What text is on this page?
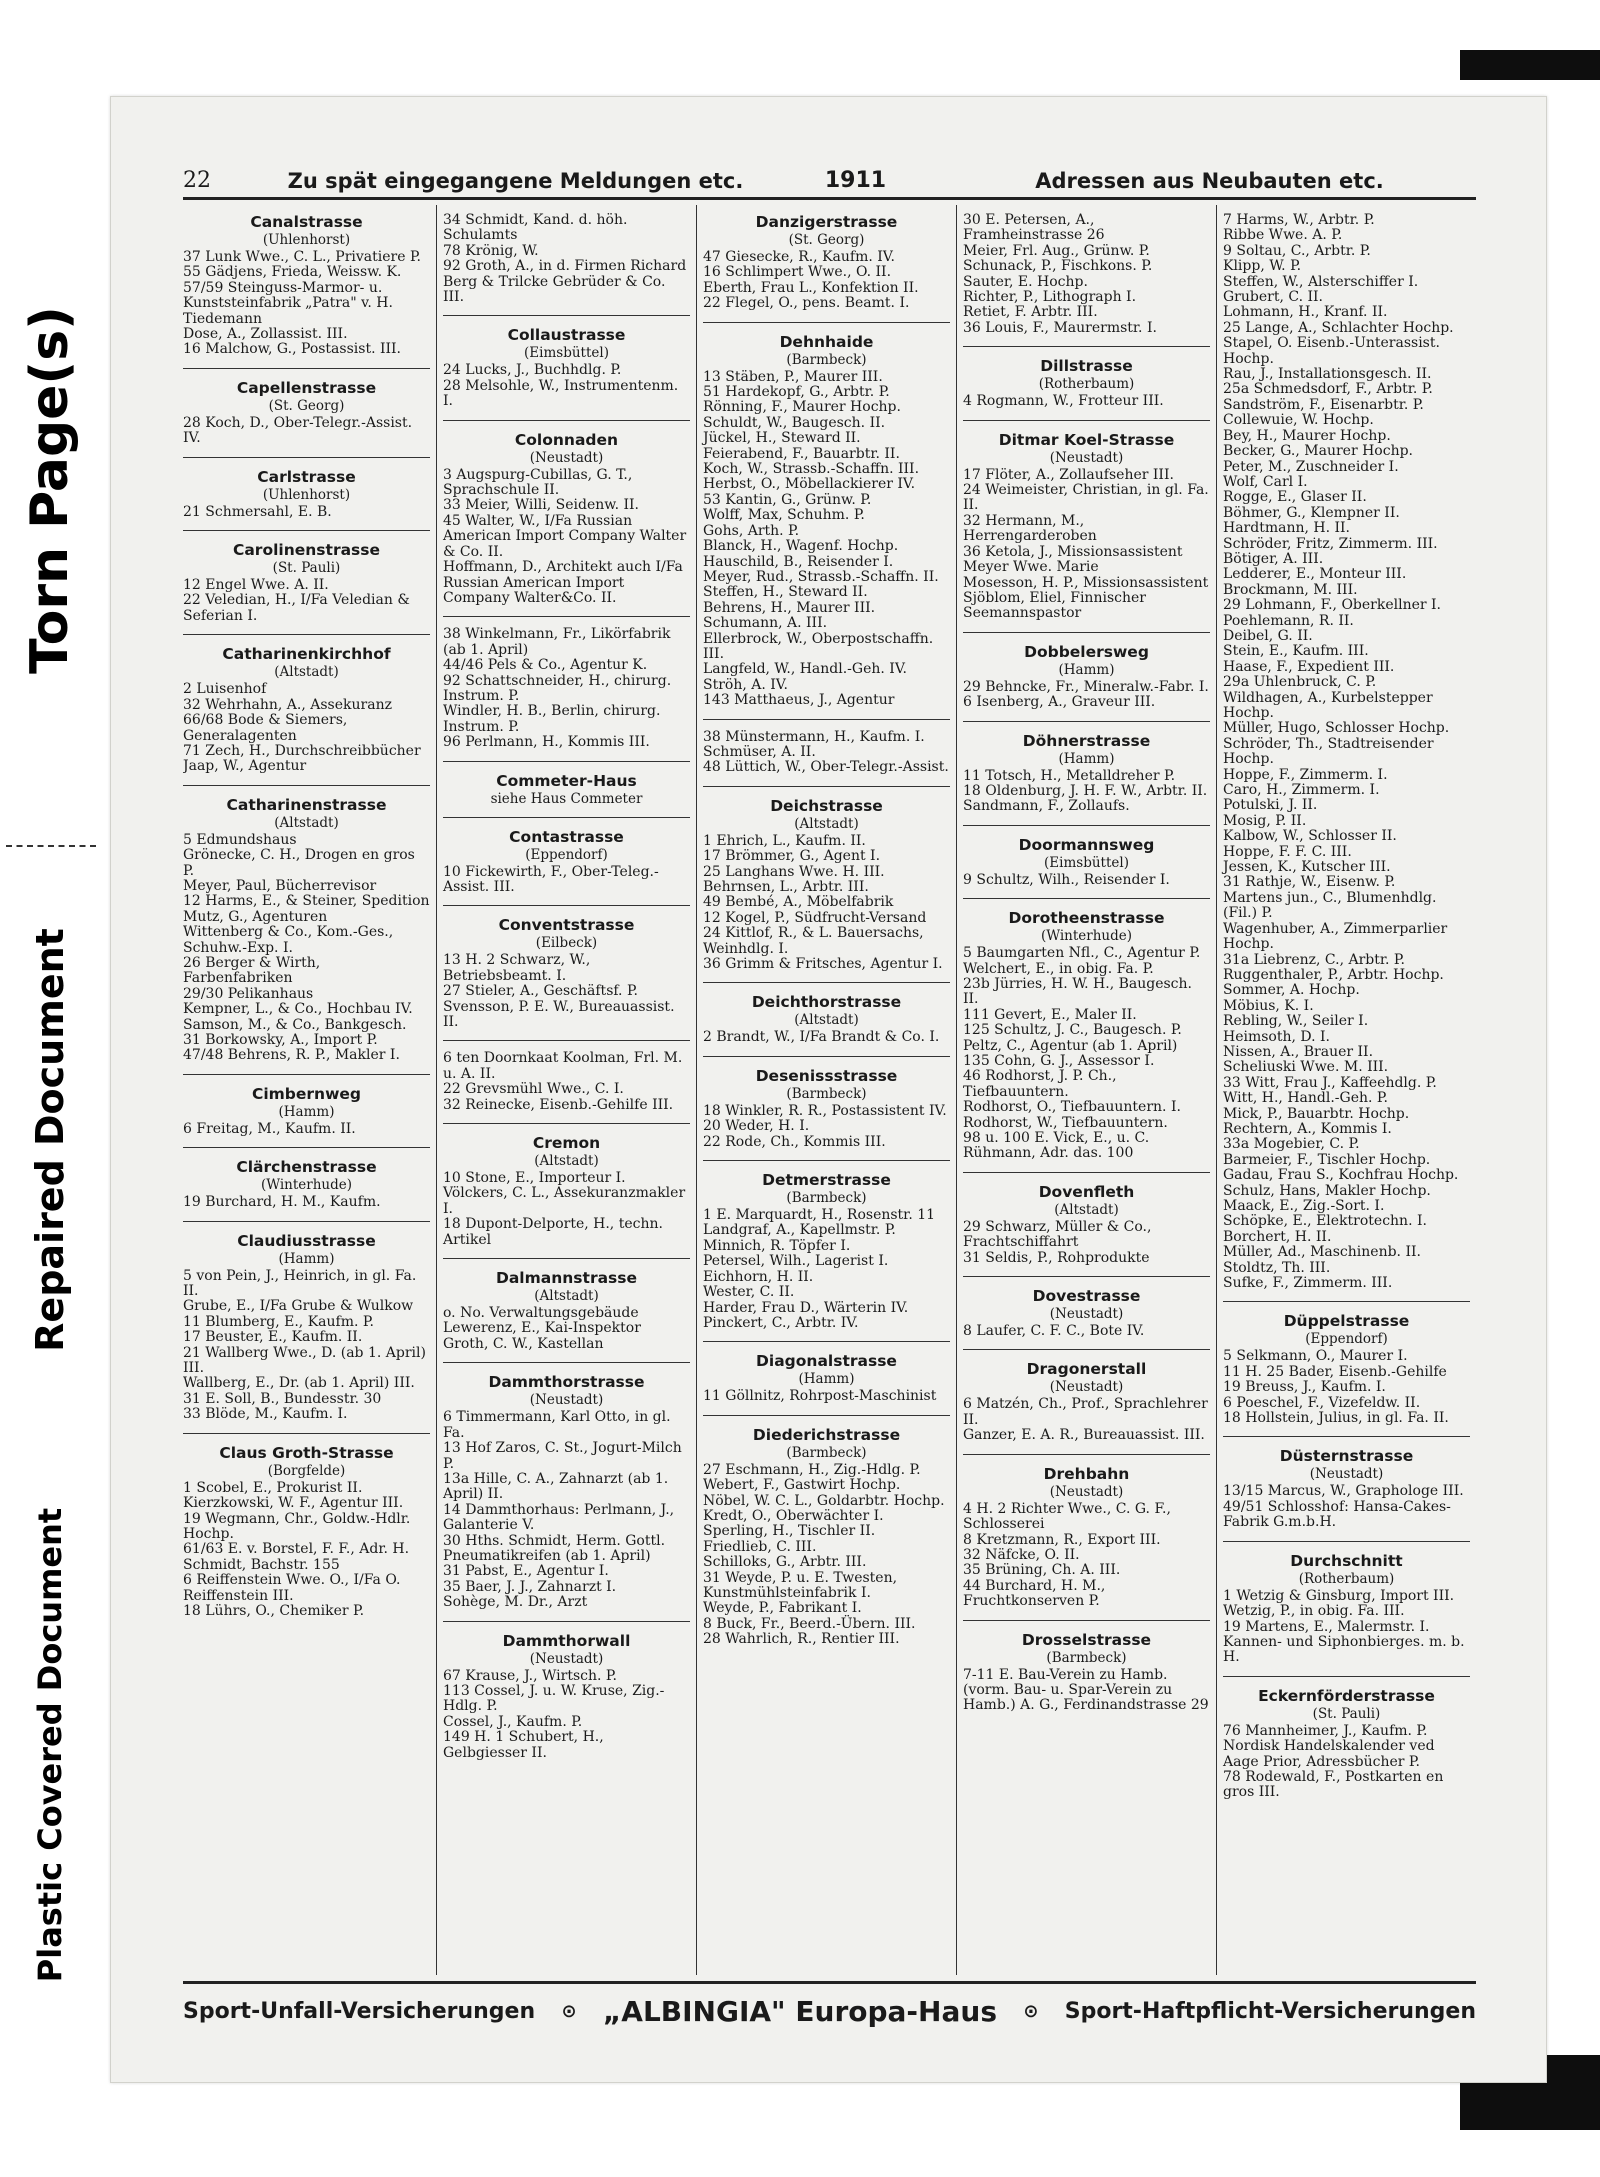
Torn Page(s)
Repaired Document
Plastic Covered Document
22	Zu spät eingegangene Meldungen etc.	1911	Adressen aus Neubauten etc.
Canalstrasse
(Uhlenhorst)
37 Lunk Wwe., C. L., Privatiere P.
55 Gädjens, Frieda, Weissw. K.
57/59 Steinguss-Marmor- u. Kunststeinfabrik „Patra" v. H. Tiedemann
Dose, A., Zollassist. III.
16 Malchow, G., Postassist. III.
Capellenstrasse
(St. Georg)
28 Koch, D., Ober-Telegr.-Assist. IV.
Carlstrasse
(Uhlenhorst)
21 Schmersahl, E. B.
Carolinenstrasse
(St. Pauli)
12 Engel Wwe. A. II.
22 Veledian, H., I/Fa Veledian & Seferian I.
Catharinenkirchhof
(Altstadt)
2 Luisenhof
32 Wehrhahn, A., Assekuranz
66/68 Bode & Siemers, Generalagenten
71 Zech, H., Durchschreibbücher
Jaap, W., Agentur
Catharinenstrasse
(Altstadt)
5 Edmundshaus
Grönecke, C. H., Drogen en gros P.
Meyer, Paul, Bücherrevisor
12 Harms, E., & Steiner, Spedition
Mutz, G., Agenturen
Wittenberg & Co., Kom.-Ges., Schuhw.-Exp. I.
26 Berger & Wirth, Farbenfabriken
29/30 Pelikanhaus
Kempner, L., & Co., Hochbau IV.
Samson, M., & Co., Bankgesch.
31 Borkowsky, A., Import P.
47/48 Behrens, R. P., Makler I.
Cimbernweg
(Hamm)
6 Freitag, M., Kaufm. II.
Clärchenstrasse
(Winterhude)
19 Burchard, H. M., Kaufm.
Claudiusstrasse
(Hamm)
5 von Pein, J., Heinrich, in gl. Fa. II.
Grube, E., I/Fa Grube & Wulkow
11 Blumberg, E., Kaufm. P.
17 Beuster, E., Kaufm. II.
21 Wallberg Wwe., D. (ab 1. April) III.
Wallberg, E., Dr. (ab 1. April) III.
31 E. Soll, B., Bundesstr. 30
33 Blöde, M., Kaufm. I.
Claus Groth-Strasse
(Borgfelde)
1 Scobel, E., Prokurist II.
Kierzkowski, W. F., Agentur III.
19 Wegmann, Chr., Goldw.-Hdlr. Hochp.
61/63 E. v. Borstel, F. F., Adr. H. Schmidt, Bachstr. 155
6 Reiffenstein Wwe. O., I/Fa O. Reiffenstein III.
18 Lührs, O., Chemiker P.
34 Schmidt, Kand. d. höh. Schulamts
78 Krönig, W.
92 Groth, A., in d. Firmen Richard Berg & Trilcke Gebrüder & Co. III.
Collaustrasse
(Eimsbüttel)
24 Lucks, J., Buchhdlg. P.
28 Melsohle, W., Instrumentenm. I.
Colonnaden
(Neustadt)
3 Augspurg-Cubillas, G. T., Sprachschule II.
33 Meier, Willi, Seidenw. II.
45 Walter, W., I/Fa Russian American Import Company Walter & Co. II.
Hoffmann, D., Architekt auch I/Fa Russian American Import Company Walter&Co. II.
38 Winkelmann, Fr., Likörfabrik (ab 1. April)
44/46 Pels & Co., Agentur K.
92 Schattschneider, H., chirurg. Instrum. P.
Windler, H. B., Berlin, chirurg. Instrum. P.
96 Perlmann, H., Kommis III.
Commeter-Haus
siehe Haus Commeter
Contastrasse
(Eppendorf)
10 Fickewirth, F., Ober-Teleg.-Assist. III.
Conventstrasse
(Eilbeck)
13 H. 2 Schwarz, W., Betriebsbeamt. I.
27 Stieler, A., Geschäftsf. P.
Svensson, P. E. W., Bureauassist. II.
6 ten Doornkaat Koolman, Frl. M. u. A. II.
22 Grevsmühl Wwe., C. I.
32 Reinecke, Eisenb.-Gehilfe III.
Cremon
(Altstadt)
10 Stone, E., Importeur I.
Völckers, C. L., Assekuranzmakler I.
18 Dupont-Delporte, H., techn. Artikel
Dalmannstrasse
(Altstadt)
o. No. Verwaltungsgebäude Lewerenz, E., Kai-Inspektor Groth, C. W., Kastellan
Dammthorstrasse
(Neustadt)
6 Timmermann, Karl Otto, in gl. Fa.
13 Hof Zaros, C. St., Jogurt-Milch P.
13a Hille, C. A., Zahnarzt (ab 1. April) II.
14 Dammthorhaus: Perlmann, J., Galanterie V.
30 Hths. Schmidt, Herm. Gottl. Pneumatikreifen (ab 1. April)
31 Pabst, E., Agentur I.
35 Baer, J. J., Zahnarzt I.
Sohège, M. Dr., Arzt
Dammthorwall
(Neustadt)
67 Krause, J., Wirtsch. P.
113 Cossel, J. u. W. Kruse, Zig.-Hdlg. P.
Cossel, J., Kaufm. P.
149 H. 1 Schubert, H., Gelbgiesser II.
Danzigerstrasse
(St. Georg)
47 Giesecke, R., Kaufm. IV.
16 Schlimpert Wwe., O. II.
Eberth, Frau L., Konfektion II.
22 Flegel, O., pens. Beamt. I.
Dehnhaide
(Barmbeck)
13 Stäben, P., Maurer III.
51 Hardekopf, G., Arbtr. P.
Rönning, F., Maurer Hochp.
Schuldt, W., Baugesch. II.
Jückel, H., Steward II.
Feierabend, F., Bauarbtr. II.
Koch, W., Strassb.-Schaffn. III.
Herbst, O., Möbellackierer IV.
53 Kantin, G., Grünw. P.
Wolff, Max, Schuhm. P.
Gohs, Arth. P.
Blanck, H., Wagenf. Hochp.
Hauschild, B., Reisender I.
Meyer, Rud., Strassb.-Schaffn. II.
Steffen, H., Steward II.
Behrens, H., Maurer III.
Schumann, A. III.
Ellerbrock, W., Oberpostschaffn. III.
Langfeld, W., Handl.-Geh. IV.
Ströh, A. IV.
143 Matthaeus, J., Agentur
38 Münstermann, H., Kaufm. I.
Schmüser, A. II.
48 Lüttich, W., Ober-Telegr.-Assist.
Deichstrasse
(Altstadt)
1 Ehrich, L., Kaufm. II.
17 Brömmer, G., Agent I.
25 Langhans Wwe. H. III.
Behrnsen, L., Arbtr. III.
49 Bembé, A., Möbelfabrik
12 Kogel, P., Südfrucht-Versand
24 Kittlof, R., & L. Bauersachs, Weinhdlg. I.
36 Grimm & Fritsches, Agentur I.
Deichthorstrasse
(Altstadt)
2 Brandt, W., I/Fa Brandt & Co. I.
Desenissstrasse
(Barmbeck)
18 Winkler, R. R., Postassistent IV.
20 Weder, H. I.
22 Rode, Ch., Kommis III.
Detmerstrasse
(Barmbeck)
1 E. Marquardt, H., Rosenstr. 11
Landgraf, A., Kapellmstr. P.
Minnich, R. Töpfer I.
Petersel, Wilh., Lagerist I.
Eichhorn, H. II.
Wester, C. II.
Harder, Frau D., Wärterin IV.
Pinckert, C., Arbtr. IV.
Diagonalstrasse
(Hamm)
11 Göllnitz, Rohrpost-Maschinist
Diederichstrasse
(Barmbeck)
27 Eschmann, H., Zig.-Hdlg. P.
Webert, F., Gastwirt Hochp.
Nöbel, W. C. L., Goldarbtr. Hochp.
Kredt, O., Oberwächter I.
Sperling, H., Tischler II.
Friedlieb, C. III.
Schilloks, G., Arbtr. III.
31 Weyde, P. u. E. Twesten, Kunstmühlsteinfabrik I.
Weyde, P., Fabrikant I.
8 Buck, Fr., Beerd.-Übern. III.
28 Wahrlich, R., Rentier III.
30 E. Petersen, A., Framheinstrasse 26
Meier, Frl. Aug., Grünw. P.
Schunack, P., Fischkons. P.
Sauter, E. Hochp.
Richter, P., Lithograph I.
Retiet, F. Arbtr. III.
36 Louis, F., Maurermstr. I.
Dillstrasse
(Rotherbaum)
4 Rogmann, W., Frotteur III.
Ditmar Koel-Strasse
(Neustadt)
17 Flöter, A., Zollaufseher III.
24 Weimeister, Christian, in gl. Fa. II.
32 Hermann, M., Herrengarderoben
36 Ketola, J., Missionsassistent
Meyer Wwe. Marie
Mosesson, H. P., Missionsassistent
Sjöblom, Eliel, Finnischer Seemannspastor
Dobbelersweg
(Hamm)
29 Behncke, Fr., Mineralw.-Fabr. I.
6 Isenberg, A., Graveur III.
Döhnerstrasse
(Hamm)
11 Totsch, H., Metalldreher P.
18 Oldenburg, J. H. F. W., Arbtr. II.
Sandmann, F., Zollaufs.
Doormannsweg
(Eimsbüttel)
9 Schultz, Wilh., Reisender I.
Dorotheenstrasse
(Winterhude)
5 Baumgarten Nfl., C., Agentur P.
Welchert, E., in obig. Fa. P.
23b Jürries, H. W. H., Baugesch. II.
111 Gevert, E., Maler II.
125 Schultz, J. C., Baugesch. P.
Peltz, C., Agentur (ab 1. April)
135 Cohn, G. J., Assessor I.
46 Rodhorst, J. P. Ch., Tiefbauuntern.
Rodhorst, O., Tiefbauuntern. I.
Rodhorst, W., Tiefbauuntern.
98 u. 100 E. Vick, E., u. C. Rühmann, Adr. das. 100
Dovenfleth
(Altstadt)
29 Schwarz, Müller & Co., Frachtschiffahrt
31 Seldis, P., Rohprodukte
Dovestrasse
(Neustadt)
8 Laufer, C. F. C., Bote IV.
Dragonerstall
(Neustadt)
6 Matzén, Ch., Prof., Sprachlehrer II.
Ganzer, E. A. R., Bureauassist. III.
Drehbahn
(Neustadt)
4 H. 2 Richter Wwe., C. G. F., Schlosserei
8 Kretzmann, R., Export III.
32 Näfcke, O. II.
35 Brüning, Ch. A. III.
44 Burchard, H. M., Fruchtkonserven P.
Drosselstrasse
(Barmbeck)
7-11 E. Bau-Verein zu Hamb. (vorm. Bau- u. Spar-Verein zu Hamb.) A. G., Ferdinandstrasse 29
7 Harms, W., Arbtr. P.
Ribbe Wwe. A. P.
9 Soltau, C., Arbtr. P.
Klipp, W. P.
Steffen, W., Alsterschiffer I.
Grubert, C. II.
Lohmann, H., Kranf. II.
25 Lange, A., Schlachter Hochp.
Stapel, O. Eisenb.-Unterassist. Hochp.
Rau, J., Installationsgesch. II.
25a Schmedsdorf, F., Arbtr. P.
Sandström, F., Eisenarbtr. P.
Collewuie, W. Hochp.
Bey, H., Maurer Hochp.
Becker, G., Maurer Hochp.
Peter, M., Zuschneider I.
Wolf, Carl I.
Rogge, E., Glaser II.
Böhmer, G., Klempner II.
Hardtmann, H. II.
Schröder, Fritz, Zimmerm. III.
Bötiger, A. III.
Ledderer, E., Monteur III.
Brockmann, M. III.
29 Lohmann, F., Oberkellner I.
Poehlemann, R. II.
Deibel, G. II.
Stein, E., Kaufm. III.
Haase, F., Expedient III.
29a Uhlenbruck, C. P.
Wildhagen, A., Kurbelstepper Hochp.
Müller, Hugo, Schlosser Hochp.
Schröder, Th., Stadtreisender Hochp.
Hoppe, F., Zimmerm. I.
Caro, H., Zimmerm. I.
Potulski, J. II.
Mosig, P. II.
Kalbow, W., Schlosser II.
Hoppe, F. F. C. III.
Jessen, K., Kutscher III.
31 Rathje, W., Eisenw. P.
Martens jun., C., Blumenhdlg. (Fil.) P.
Wagenhuber, A., Zimmerparlier Hochp.
31a Liebrenz, C., Arbtr. P.
Ruggenthaler, P., Arbtr. Hochp.
Sommer, A. Hochp.
Möbius, K. I.
Rebling, W., Seiler I.
Heimsoth, D. I.
Nissen, A., Brauer II.
Scheliuski Wwe. M. III.
33 Witt, Frau J., Kaffeehdlg. P.
Witt, H., Handl.-Geh. P.
Mick, P., Bauarbtr. Hochp.
Rechtern, A., Kommis I.
33a Mogebier, C. P.
Barmeier, F., Tischler Hochp.
Gadau, Frau S., Kochfrau Hochp.
Schulz, Hans, Makler Hochp.
Maack, E., Zig.-Sort. I.
Schöpke, E., Elektrotechn. I.
Borchert, H. II.
Müller, Ad., Maschinenb. II.
Stoldtz, Th. III.
Sufke, F., Zimmerm. III.
Düppelstrasse
(Eppendorf)
5 Selkmann, O., Maurer I.
11 H. 25 Bader, Eisenb.-Gehilfe
19 Breuss, J., Kaufm. I.
6 Poeschel, F., Vizefeldw. II.
18 Hollstein, Julius, in gl. Fa. II.
Düsternstrasse
(Neustadt)
13/15 Marcus, W., Graphologe III.
49/51 Schlosshof: Hansa-Cakes-Fabrik G.m.b.H.
Durchschnitt
(Rotherbaum)
1 Wetzig & Ginsburg, Import III.
Wetzig, P., in obig. Fa. III.
19 Martens, E., Malermstr. I.
Kannen- und Siphonbierges. m. b. H.
Eckernförderstrasse
(St. Pauli)
76 Mannheimer, J., Kaufm. P.
Nordisk Handelskalender ved Aage Prior, Adressbücher P.
78 Rodewald, F., Postkarten en gros III.
Sport-Unfall-Versicherungen ⊙ „ALBINGIA" Europa-Haus ⊙ Sport-Haftpflicht-Versicherungen
